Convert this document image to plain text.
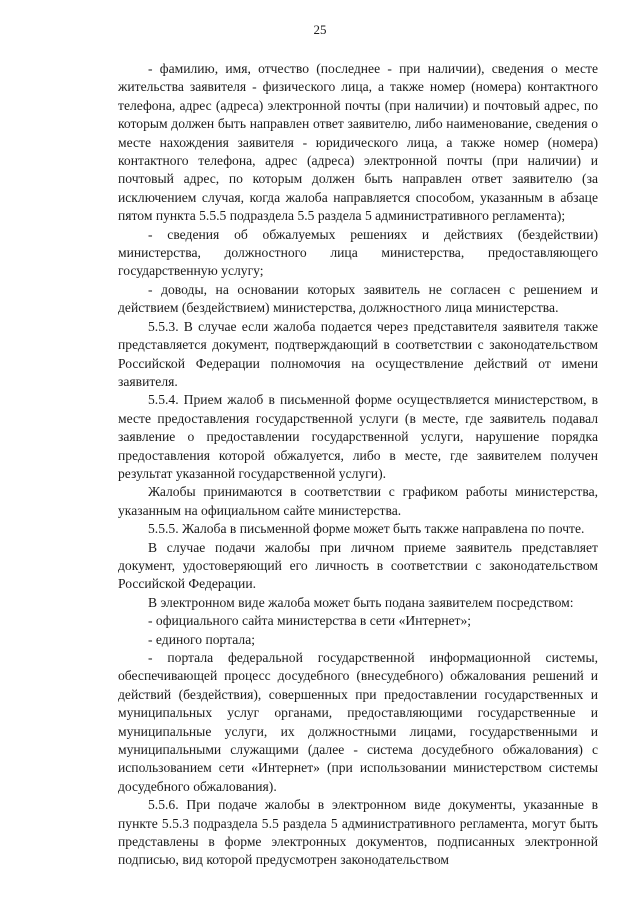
25

- фамилию, имя, отчество (последнее - при наличии), сведения о месте жительства заявителя - физического лица, а также номер (номера) контактного телефона, адрес (адреса) электронной почты (при наличии) и почтовый адрес, по которым должен быть направлен ответ заявителю, либо наименование, сведения о месте нахождения заявителя - юридического лица, а также номер (номера) контактного телефона, адрес (адреса) электронной почты (при наличии) и почтовый адрес, по которым должен быть направлен ответ заявителю (за исключением случая, когда жалоба направляется способом, указанным в абзаце пятом пункта 5.5.5 подраздела 5.5 раздела 5 административного регламента);

- сведения об обжалуемых решениях и действиях (бездействии) министерства, должностного лица министерства, предоставляющего государственную услугу;

- доводы, на основании которых заявитель не согласен с решением и действием (бездействием) министерства, должностного лица министерства.

5.5.3. В случае если жалоба подается через представителя заявителя также представляется документ, подтверждающий в соответствии с законодательством Российской Федерации полномочия на осуществление действий от имени заявителя.

5.5.4. Прием жалоб в письменной форме осуществляется министерством, в месте предоставления государственной услуги (в месте, где заявитель подавал заявление о предоставлении государственной услуги, нарушение порядка предоставления которой обжалуется, либо в месте, где заявителем получен результат указанной государственной услуги).

Жалобы принимаются в соответствии с графиком работы министерства, указанным на официальном сайте министерства.

5.5.5. Жалоба в письменной форме может быть также направлена по почте.

В случае подачи жалобы при личном приеме заявитель представляет документ, удостоверяющий его личность в соответствии с законодательством Российской Федерации.

В электронном виде жалоба может быть подана заявителем посредством:

- официального сайта министерства в сети «Интернет»;

- единого портала;

- портала федеральной государственной информационной системы, обеспечивающей процесс досудебного (внесудебного) обжалования решений и действий (бездействия), совершенных при предоставлении государственных и муниципальных услуг органами, предоставляющими государственные и муниципальные услуги, их должностными лицами, государственными и муниципальными служащими (далее - система досудебного обжалования) с использованием сети «Интернет» (при использовании министерством системы досудебного обжалования).

5.5.6. При подаче жалобы в электронном виде документы, указанные в пункте 5.5.3 подраздела 5.5 раздела 5 административного регламента, могут быть представлены в форме электронных документов, подписанных электронной подписью, вид которой предусмотрен законодательством
